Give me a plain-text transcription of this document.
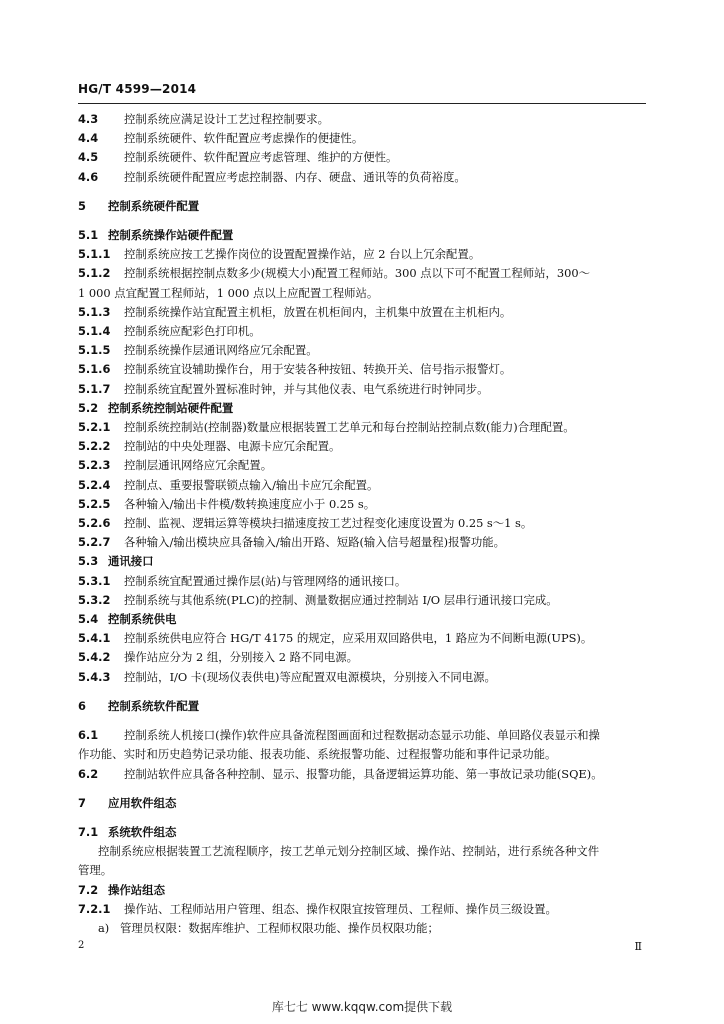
HG/T 4599—2014
4.3	控制系统应满足设计工艺过程控制要求。
4.4	控制系统硬件、软件配置应考虑操作的便捷性。
4.5	控制系统硬件、软件配置应考虑管理、维护的方便性。
4.6	控制系统硬件配置应考虑控制器、内存、硬盘、通讯等的负荷裕度。
5	控制系统硬件配置
5.1 控制系统操作站硬件配置
5.1.1	控制系统应按工艺操作岗位的设置配置操作站，应 2 台以上冗余配置。
5.1.2	控制系统根据控制点数多少(规模大小)配置工程师站。300 点以下可不配置工程师站，300～
1 000 点宜配置工程师站，1 000 点以上应配置工程师站。
5.1.3	控制系统操作站宜配置主机柜，放置在机柜间内，主机集中放置在主机柜内。
5.1.4	控制系统应配彩色打印机。
5.1.5	控制系统操作层通讯网络应冗余配置。
5.1.6	控制系统宜设辅助操作台，用于安装各种按钮、转换开关、信号指示报警灯。
5.1.7	控制系统宜配置外置标准时钟，并与其他仪表、电气系统进行时钟同步。
5.2 控制系统控制站硬件配置
5.2.1	控制系统控制站(控制器)数量应根据装置工艺单元和每台控制站控制点数(能力)合理配置。
5.2.2	控制站的中央处理器、电源卡应冗余配置。
5.2.3	控制层通讯网络应冗余配置。
5.2.4	控制点、重要报警联锁点输入/输出卡应冗余配置。
5.2.5	各种输入/输出卡件模/数转换速度应小于 0.25 s。
5.2.6	控制、监视、逻辑运算等模块扫描速度按工艺过程变化速度设置为 0.25 s～1 s。
5.2.7	各种输入/输出模块应具备输入/输出开路、短路(输入信号超量程)报警功能。
5.3 通讯接口
5.3.1	控制系统宜配置通过操作层(站)与管理网络的通讯接口。
5.3.2	控制系统与其他系统(PLC)的控制、测量数据应通过控制站 I/O 层串行通讯接口完成。
5.4 控制系统供电
5.4.1	控制系统供电应符合 HG/T 4175 的规定，应采用双回路供电，1 路应为不间断电源(UPS)。
5.4.2	操作站应分为 2 组，分别接入 2 路不同电源。
5.4.3	控制站，I/O 卡(现场仪表供电)等应配置双电源模块，分别接入不同电源。
6	控制系统软件配置
6.1	控制系统人机接口(操作)软件应具备流程图画面和过程数据动态显示功能、单回路仪表显示和操
作功能、实时和历史趋势记录功能、报表功能、系统报警功能、过程报警功能和事件记录功能。
6.2	控制站软件应具备各种控制、显示、报警功能，具备逻辑运算功能、第一事故记录功能(SQE)。
7	应用软件组态
7.1 系统软件组态
控制系统应根据装置工艺流程顺序，按工艺单元划分控制区域、操作站、控制站，进行系统各种文件
管理。
7.2 操作站组态
7.2.1	操作站、工程师站用户管理、组态、操作权限宜按管理员、工程师、操作员三级设置。
a) 管理员权限：数据库维护、工程师权限功能、操作员权限功能；
2	Ⅱ
库七七 www.kqqw.com提供下载
